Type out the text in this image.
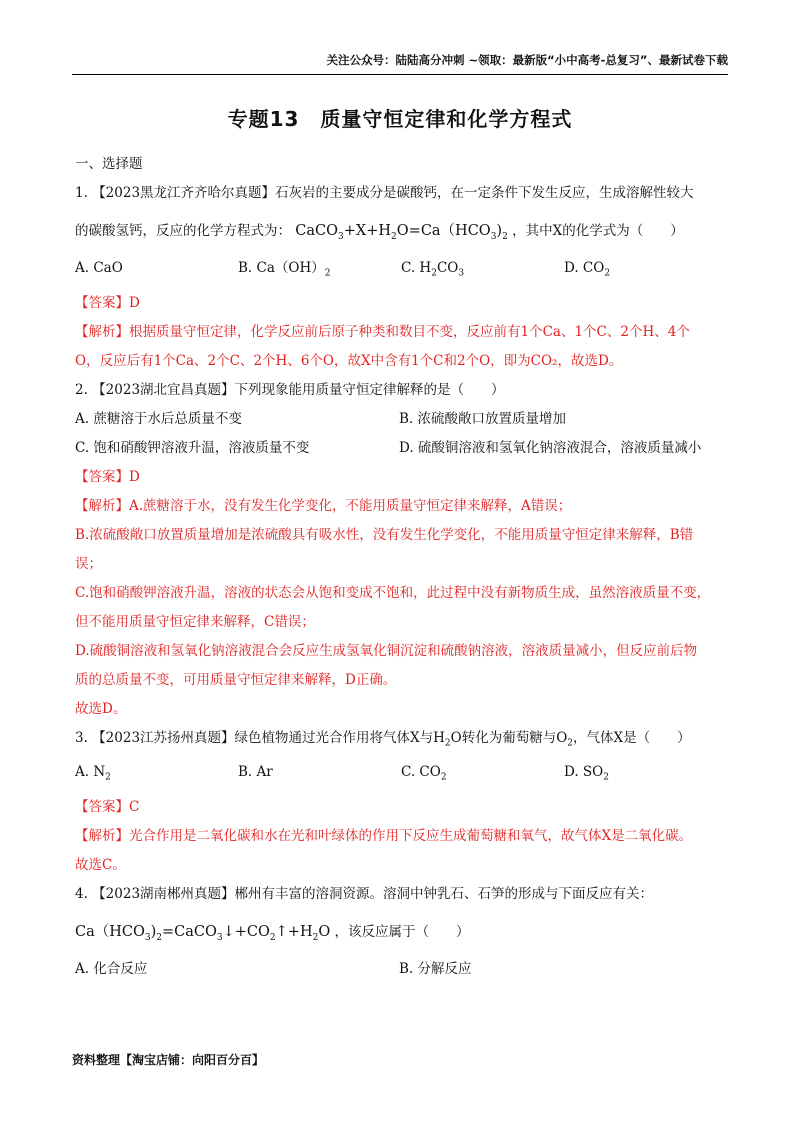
关注公众号：陆陆高分冲刺 ~领取：最新版“小中高考-总复习”、最新试卷下载
专题13　质量守恒定律和化学方程式
一、选择题
1. 【2023黑龙江齐齐哈尔真题】石灰岩的主要成分是碳酸钙，在一定条件下发生反应，生成溶解性较大
的碳酸氢钙，反应的化学方程式为： $CaCO_3+X+H_2O=Ca(HCO_3)_2$ ，其中X的化学式为（　　）
A. CaO	B. $Ca(OH)_2$	C. $H_2CO_3$	D. $CO_2$
【答案】D
【解析】根据质量守恒定律，化学反应前后原子种类和数目不变，反应前有1个Ca、1个C、2个H、4个
O，反应后有1个Ca、2个C、2个H、6个O，故X中含有1个C和2个O，即为CO₂，故选D。
2. 【2023湖北宜昌真题】下列现象能用质量守恒定律解释的是（　　）
A. 蔗糖溶于水后总质量不变	B. 浓硫酸敞口放置质量增加
C. 饱和硝酸钾溶液升温，溶液质量不变	D. 硫酸铜溶液和氢氧化钠溶液混合，溶液质量减小
【答案】D
【解析】A.蔗糖溶于水，没有发生化学变化，不能用质量守恒定律来解释，A错误；
B.浓硫酸敞口放置质量增加是浓硫酸具有吸水性，没有发生化学变化，不能用质量守恒定律来解释，B错
误；
C.饱和硝酸钾溶液升温，溶液的状态会从饱和变成不饱和，此过程中没有新物质生成，虽然溶液质量不变，
但不能用质量守恒定律来解释，C错误；
D.硫酸铜溶液和氢氧化钠溶液混合会反应生成氢氧化铜沉淀和硫酸钠溶液，溶液质量减小，但反应前后物
质的总质量不变，可用质量守恒定律来解释，D正确。
故选D。
3. 【2023江苏扬州真题】绿色植物通过光合作用将气体X与$H_2O$转化为葡萄糖与$O_2$，气体X是（　　）
A. $N_2$	B. Ar	C. $CO_2$	D. $SO_2$
【答案】C
【解析】光合作用是二氧化碳和水在光和叶绿体的作用下反应生成葡萄糖和氧气，故气体X是二氧化碳。
故选C。
4. 【2023湖南郴州真题】郴州有丰富的溶洞资源。溶洞中钟乳石、石笋的形成与下面反应有关：
$Ca(HCO_3)_2=CaCO_3↓+CO_2↑+H_2O$ ，该反应属于（　　）
A. 化合反应	B. 分解反应
资料整理【淘宝店铺：向阳百分百】
